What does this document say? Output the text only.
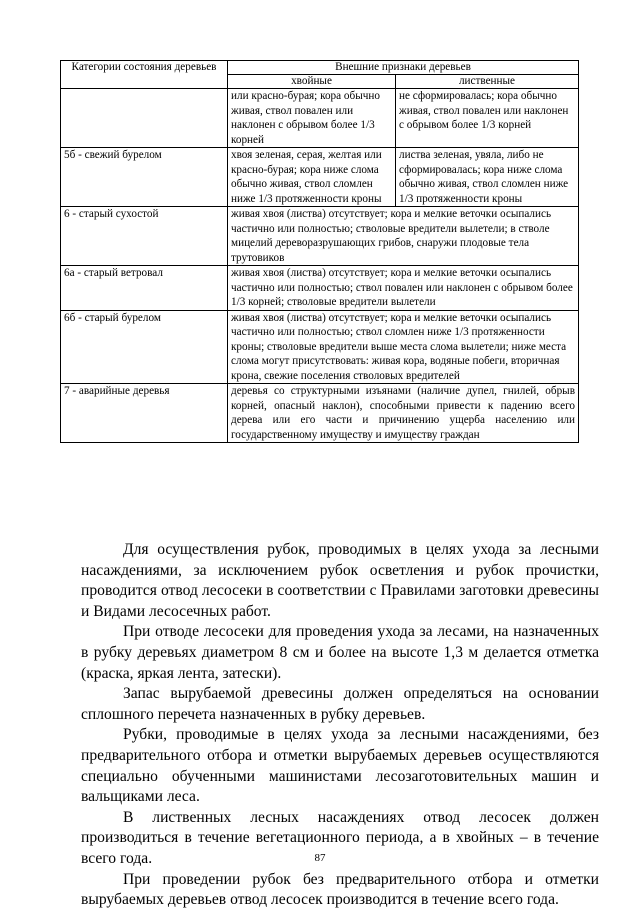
Категории состояния деревьев	Внешние признаки деревьев	
	хвойные	лиственные
	или красно-бурая; кора обычно живая, ствол повален или наклонен с обрывом более 1/3 корней	не сформировалась; кора обычно живая, ствол повален или наклонен с обрывом более 1/3 корней
5б - свежий бурелом	хвоя зеленая, серая, желтая или красно-бурая; кора ниже слома обычно живая, ствол сломлен ниже 1/3 протяженности кроны	листва зеленая, увяла, либо не сформировалась; кора ниже слома обычно живая, ствол сломлен ниже 1/3 протяженности кроны
6 - старый сухостой	живая хвоя (листва) отсутствует; кора и мелкие веточки осыпались частично или полностью; стволовые вредители вылетели; в стволе мицелий дереворазрушающих грибов, снаружи плодовые тела трутовиков	
6а - старый ветровал	живая хвоя (листва) отсутствует; кора и мелкие веточки осыпались частично или полностью; ствол повален или наклонен с обрывом более 1/3 корней; стволовые вредители вылетели	
6б - старый бурелом	живая хвоя (листва) отсутствует; кора и мелкие веточки осыпались частично или полностью; ствол сломлен ниже 1/3 протяженности кроны; стволовые вредители выше места слома вылетели; ниже места слома могут присутствовать: живая кора, водяные побеги, вторичная крона, свежие поселения стволовых вредителей	
7 - аварийные деревья	деревья со структурными изъянами (наличие дупел, гнилей, обрыв корней, опасный наклон), способными привести к падению всего дерева или его части и причинению ущерба населению или государственному имуществу и имуществу граждан	

Для осуществления рубок, проводимых в целях ухода за лесными насаждениями, за исключением рубок осветления и рубок прочистки, проводится отвод лесосеки в соответствии с Правилами заготовки древесины и Видами лесосечных работ.

При отводе лесосеки для проведения ухода за лесами, на назначенных в рубку деревьях диаметром 8 см и более на высоте 1,3 м делается отметка (краска, яркая лента, затески).

Запас вырубаемой древесины должен определяться на основании сплошного перечета назначенных в рубку деревьев.

Рубки, проводимые в целях ухода за лесными насаждениями, без предварительного отбора и отметки вырубаемых деревьев осуществляются специально обученными машинистами лесозаготовительных машин и вальщиками леса.

В лиственных лесных насаждениях отвод лесосек должен производиться в течение вегетационного периода, а в хвойных – в течение всего года.

При проведении рубок без предварительного отбора и отметки вырубаемых деревьев отвод лесосек производится в течение всего года.

87
